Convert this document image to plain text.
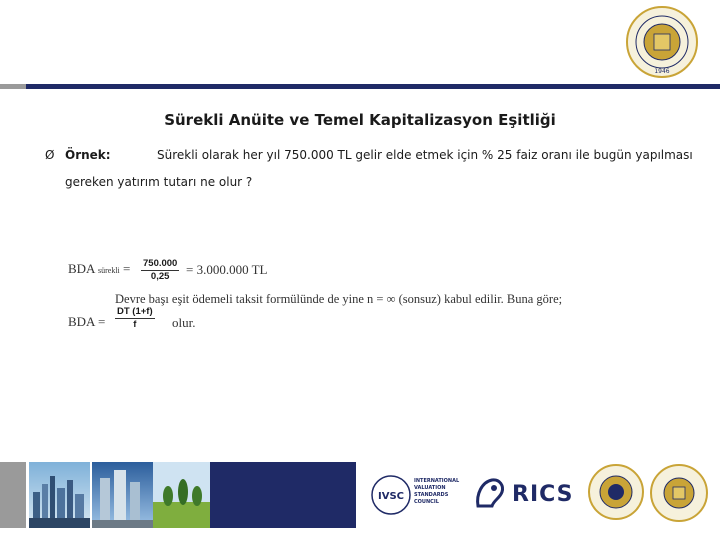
1946
Sürekli Anüite ve Temel Kapitalizasyon Eşitliği
Ø Örnek:	Sürekli olarak her yıl 750.000 TL gelir elde etmek için % 25 faiz oranı ile bugün yapılması
gereken yatırım tutarı ne olur ?
BDA sürekli = $\frac{750.000}{0,25} = 3.000.000$ TL
Devre başı eşit ödemeli taksit formülünde de yine n = ∞ (sonsuz) kabul edilir. Buna göre;
BDA = $\frac{DT (1+f)}{f}$ olur.
IVSC
INTERNATIONAL
VALUATION
STANDARDS
COUNCIL	RICS
